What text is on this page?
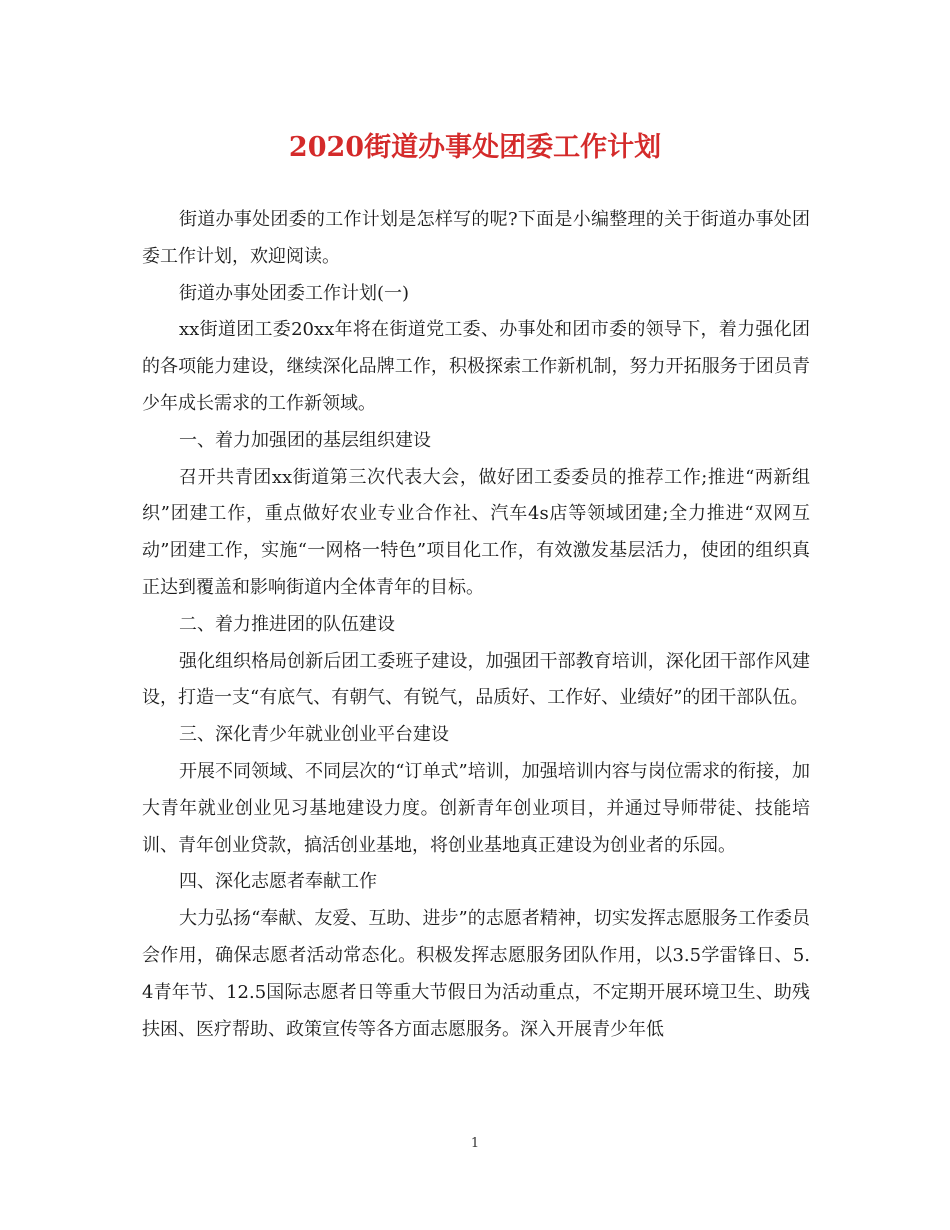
2020街道办事处团委工作计划

街道办事处团委的工作计划是怎样写的呢?下面是小编整理的关于街道办事处团委工作计划，欢迎阅读。

街道办事处团委工作计划(一)

xx街道团工委20xx年将在街道党工委、办事处和团市委的领导下，着力强化团的各项能力建设，继续深化品牌工作，积极探索工作新机制，努力开拓服务于团员青少年成长需求的工作新领域。

一、着力加强团的基层组织建设

召开共青团xx街道第三次代表大会，做好团工委委员的推荐工作;推进“两新组织”团建工作，重点做好农业专业合作社、汽车4s店等领域团建;全力推进“双网互动”团建工作，实施“一网格一特色”项目化工作，有效激发基层活力，使团的组织真正达到覆盖和影响街道内全体青年的目标。

二、着力推进团的队伍建设

强化组织格局创新后团工委班子建设，加强团干部教育培训，深化团干部作风建设，打造一支“有底气、有朝气、有锐气，品质好、工作好、业绩好”的团干部队伍。

三、深化青少年就业创业平台建设

开展不同领域、不同层次的“订单式”培训，加强培训内容与岗位需求的衔接，加大青年就业创业见习基地建设力度。创新青年创业项目，并通过导师带徒、技能培训、青年创业贷款，搞活创业基地，将创业基地真正建设为创业者的乐园。

四、深化志愿者奉献工作

大力弘扬“奉献、友爱、互助、进步”的志愿者精神，切实发挥志愿服务工作委员会作用，确保志愿者活动常态化。积极发挥志愿服务团队作用，以3.5学雷锋日、5.4青年节、12.5国际志愿者日等重大节假日为活动重点，不定期开展环境卫生、助残扶困、医疗帮助、政策宣传等各方面志愿服务。深入开展青少年低

1
